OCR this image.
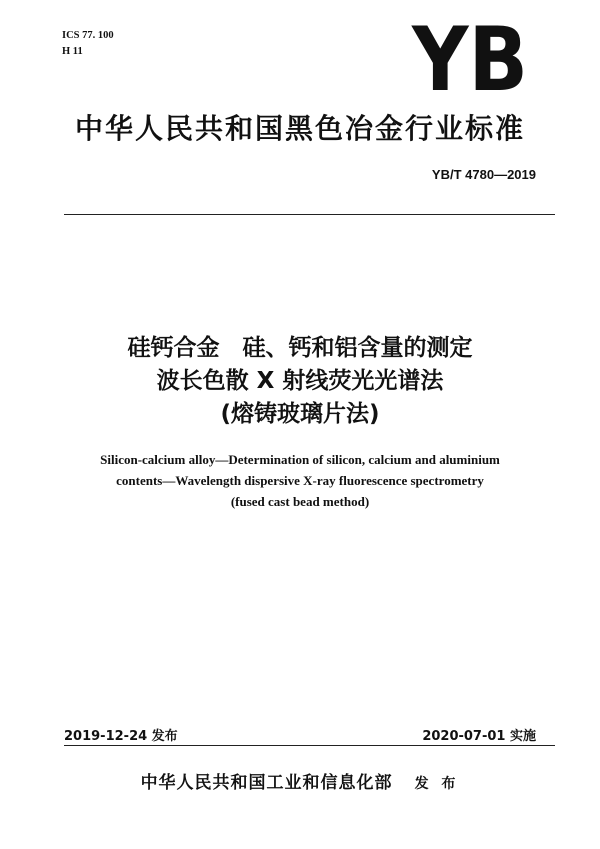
ICS 77. 100
H 11	YB
中华人民共和国黑色冶金行业标准
YB/T 4780—2019
硅钙合金　硅、钙和铝含量的测定
波长色散 X 射线荧光光谱法
(熔铸玻璃片法)
Silicon-calcium alloy—Determination of silicon, calcium and aluminium
contents—Wavelength dispersive X-ray fluorescence spectrometry
(fused cast bead method)
2019-12-24 发布	2020-07-01 实施
中华人民共和国工业和信息化部 发 布
